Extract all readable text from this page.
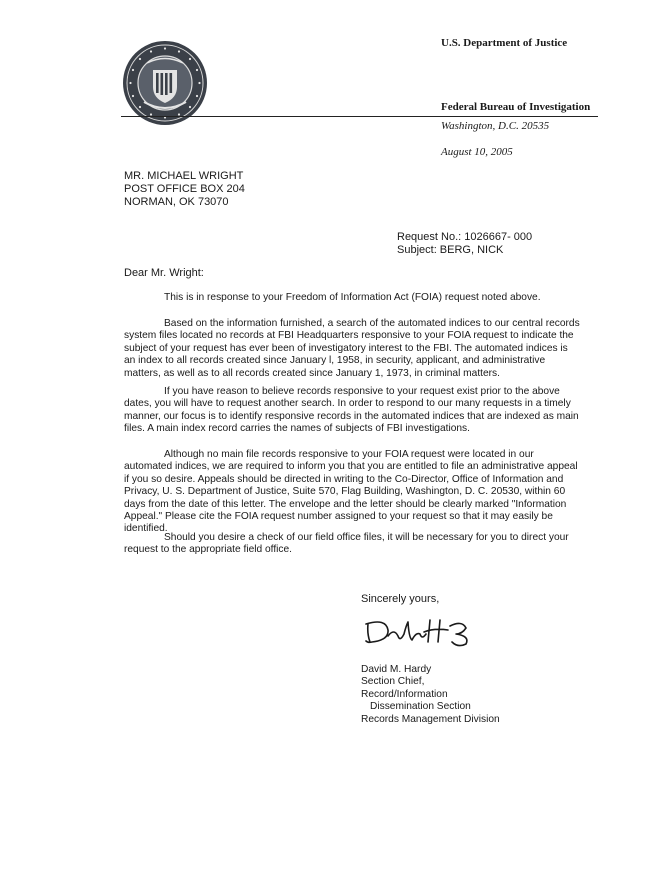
U.S. Department of Justice
Federal Bureau of Investigation
Washington, D.C. 20535
August 10, 2005
MR. MICHAEL WRIGHT
POST OFFICE BOX 204
NORMAN, OK 73070
Request No.: 1026667- 000
Subject: BERG, NICK
Dear Mr. Wright:
This is in response to your Freedom of Information Act (FOIA) request noted above.
Based on the information furnished, a search of the automated indices to our central records system files located no records at FBI Headquarters responsive to your FOIA request to indicate the subject of your request has ever been of investigatory interest to the FBI. The automated indices is an index to all records created since January l, 1958, in security, applicant, and administrative matters, as well as to all records created since January 1, 1973, in criminal matters.
If you have reason to believe records responsive to your request exist prior to the above dates, you will have to request another search. In order to respond to our many requests in a timely manner, our focus is to identify responsive records in the automated indices that are indexed as main files. A main index record carries the names of subjects of FBI investigations.
Although no main file records responsive to your FOIA request were located in our automated indices, we are required to inform you that you are entitled to file an administrative appeal if you so desire. Appeals should be directed in writing to the Co-Director, Office of Information and Privacy, U. S. Department of Justice, Suite 570, Flag Building, Washington, D. C. 20530, within 60 days from the date of this letter. The envelope and the letter should be clearly marked "Information Appeal." Please cite the FOIA request number assigned to your request so that it may easily be identified.
Should you desire a check of our field office files, it will be necessary for you to direct your request to the appropriate field office.
Sincerely yours,
David M. Hardy
Section Chief,
Record/Information
Dissemination Section
Records Management Division
